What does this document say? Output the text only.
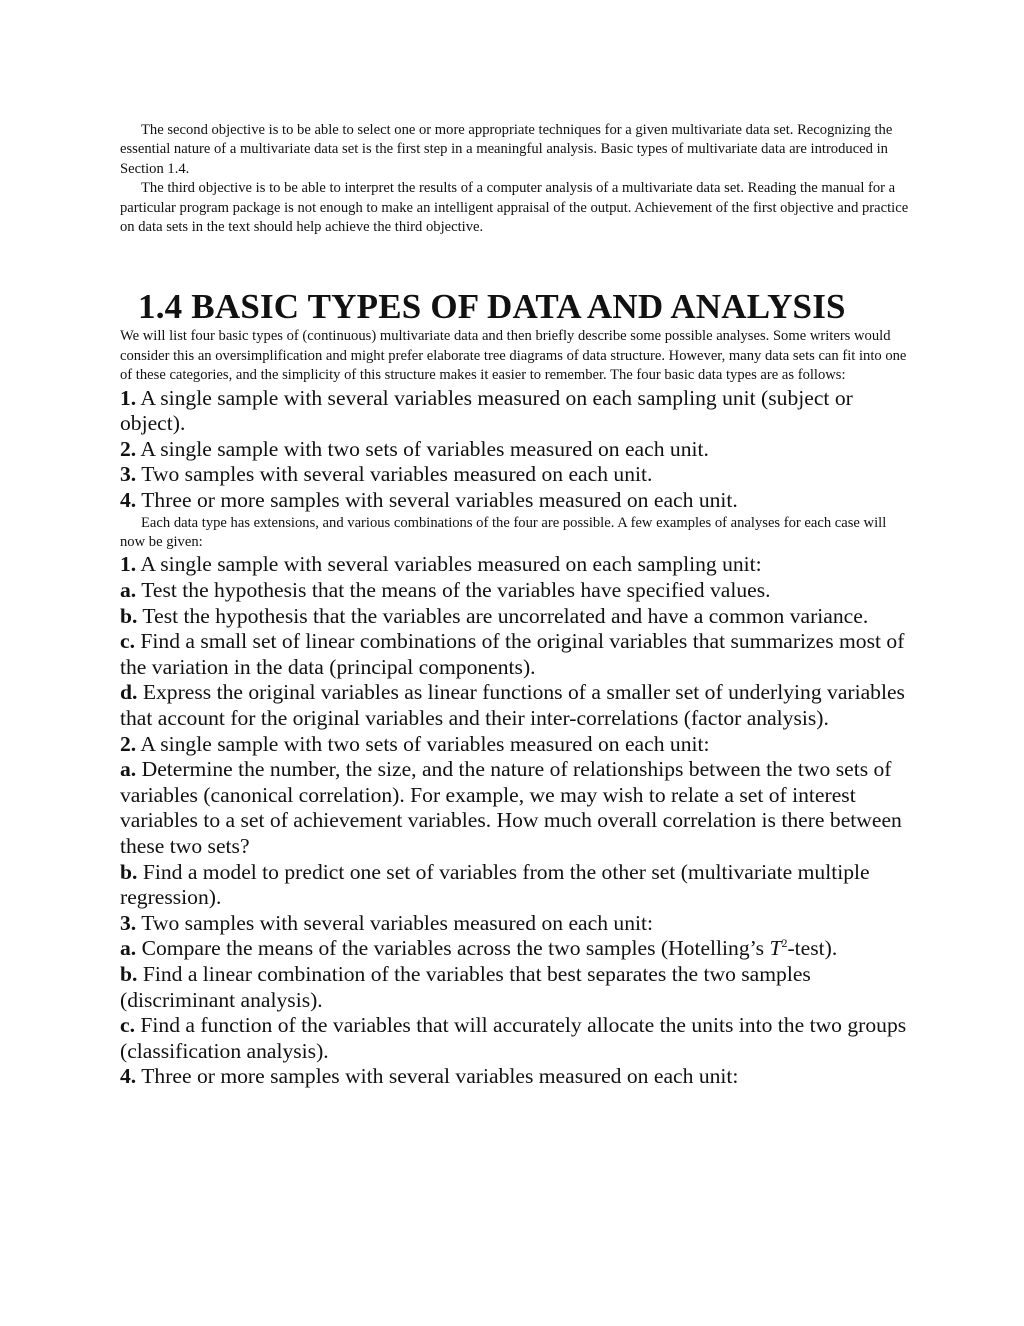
The second objective is to be able to select one or more appropriate techniques for a given multivariate data set. Recognizing the essential nature of a multivariate data set is the first step in a meaningful analysis. Basic types of multivariate data are introduced in Section 1.4.

The third objective is to be able to interpret the results of a computer analysis of a multivariate data set. Reading the manual for a particular program package is not enough to make an intelligent appraisal of the output. Achievement of the first objective and practice on data sets in the text should help achieve the third objective.

1.4 BASIC TYPES OF DATA AND ANALYSIS

We will list four basic types of (continuous) multivariate data and then briefly describe some possible analyses. Some writers would consider this an oversimplification and might prefer elaborate tree diagrams of data structure. However, many data sets can fit into one of these categories, and the simplicity of this structure makes it easier to remember. The four basic data types are as follows:

1. A single sample with several variables measured on each sampling unit (subject or object).

2. A single sample with two sets of variables measured on each unit.

3. Two samples with several variables measured on each unit.

4. Three or more samples with several variables measured on each unit.

Each data type has extensions, and various combinations of the four are possible. A few examples of analyses for each case will now be given:

1. A single sample with several variables measured on each sampling unit:

a. Test the hypothesis that the means of the variables have specified values.

b. Test the hypothesis that the variables are uncorrelated and have a common variance.

c. Find a small set of linear combinations of the original variables that summarizes most of the variation in the data (principal components).

d. Express the original variables as linear functions of a smaller set of underlying variables that account for the original variables and their inter-correlations (factor analysis).

2. A single sample with two sets of variables measured on each unit:

a. Determine the number, the size, and the nature of relationships between the two sets of variables (canonical correlation). For example, we may wish to relate a set of interest variables to a set of achievement variables. How much overall correlation is there between these two sets?

b. Find a model to predict one set of variables from the other set (multivariate multiple regression).

3. Two samples with several variables measured on each unit:

a. Compare the means of the variables across the two samples (Hotelling’s $T^2-test$).

b. Find a linear combination of the variables that best separates the two samples (discriminant analysis).

c. Find a function of the variables that will accurately allocate the units into the two groups (classification analysis).

4. Three or more samples with several variables measured on each unit:
